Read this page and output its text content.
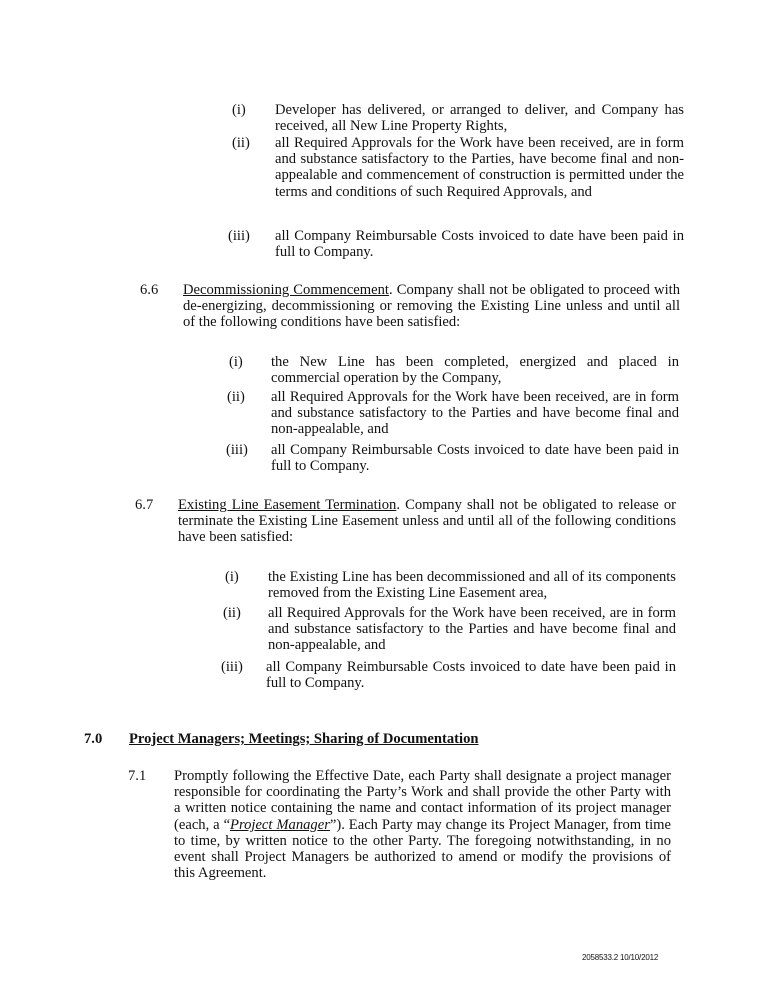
(i) Developer has delivered, or arranged to deliver, and Company has received, all New Line Property Rights,
(ii) all Required Approvals for the Work have been received, are in form and substance satisfactory to the Parties, have become final and non-appealable and commencement of construction is permitted under the terms and conditions of such Required Approvals, and
(iii) all Company Reimbursable Costs invoiced to date have been paid in full to Company.
6.6 Decommissioning Commencement. Company shall not be obligated to proceed with de-energizing, decommissioning or removing the Existing Line unless and until all of the following conditions have been satisfied:
(i) the New Line has been completed, energized and placed in commercial operation by the Company,
(ii) all Required Approvals for the Work have been received, are in form and substance satisfactory to the Parties and have become final and non-appealable, and
(iii) all Company Reimbursable Costs invoiced to date have been paid in full to Company.
6.7 Existing Line Easement Termination. Company shall not be obligated to release or terminate the Existing Line Easement unless and until all of the following conditions have been satisfied:
(i) the Existing Line has been decommissioned and all of its components removed from the Existing Line Easement area,
(ii) all Required Approvals for the Work have been received, are in form and substance satisfactory to the Parties and have become final and non-appealable, and
(iii) all Company Reimbursable Costs invoiced to date have been paid in full to Company.
7.0 Project Managers; Meetings; Sharing of Documentation
7.1 Promptly following the Effective Date, each Party shall designate a project manager responsible for coordinating the Party’s Work and shall provide the other Party with a written notice containing the name and contact information of its project manager (each, a “Project Manager”). Each Party may change its Project Manager, from time to time, by written notice to the other Party. The foregoing notwithstanding, in no event shall Project Managers be authorized to amend or modify the provisions of this Agreement.
2058533.2 10/10/2012
